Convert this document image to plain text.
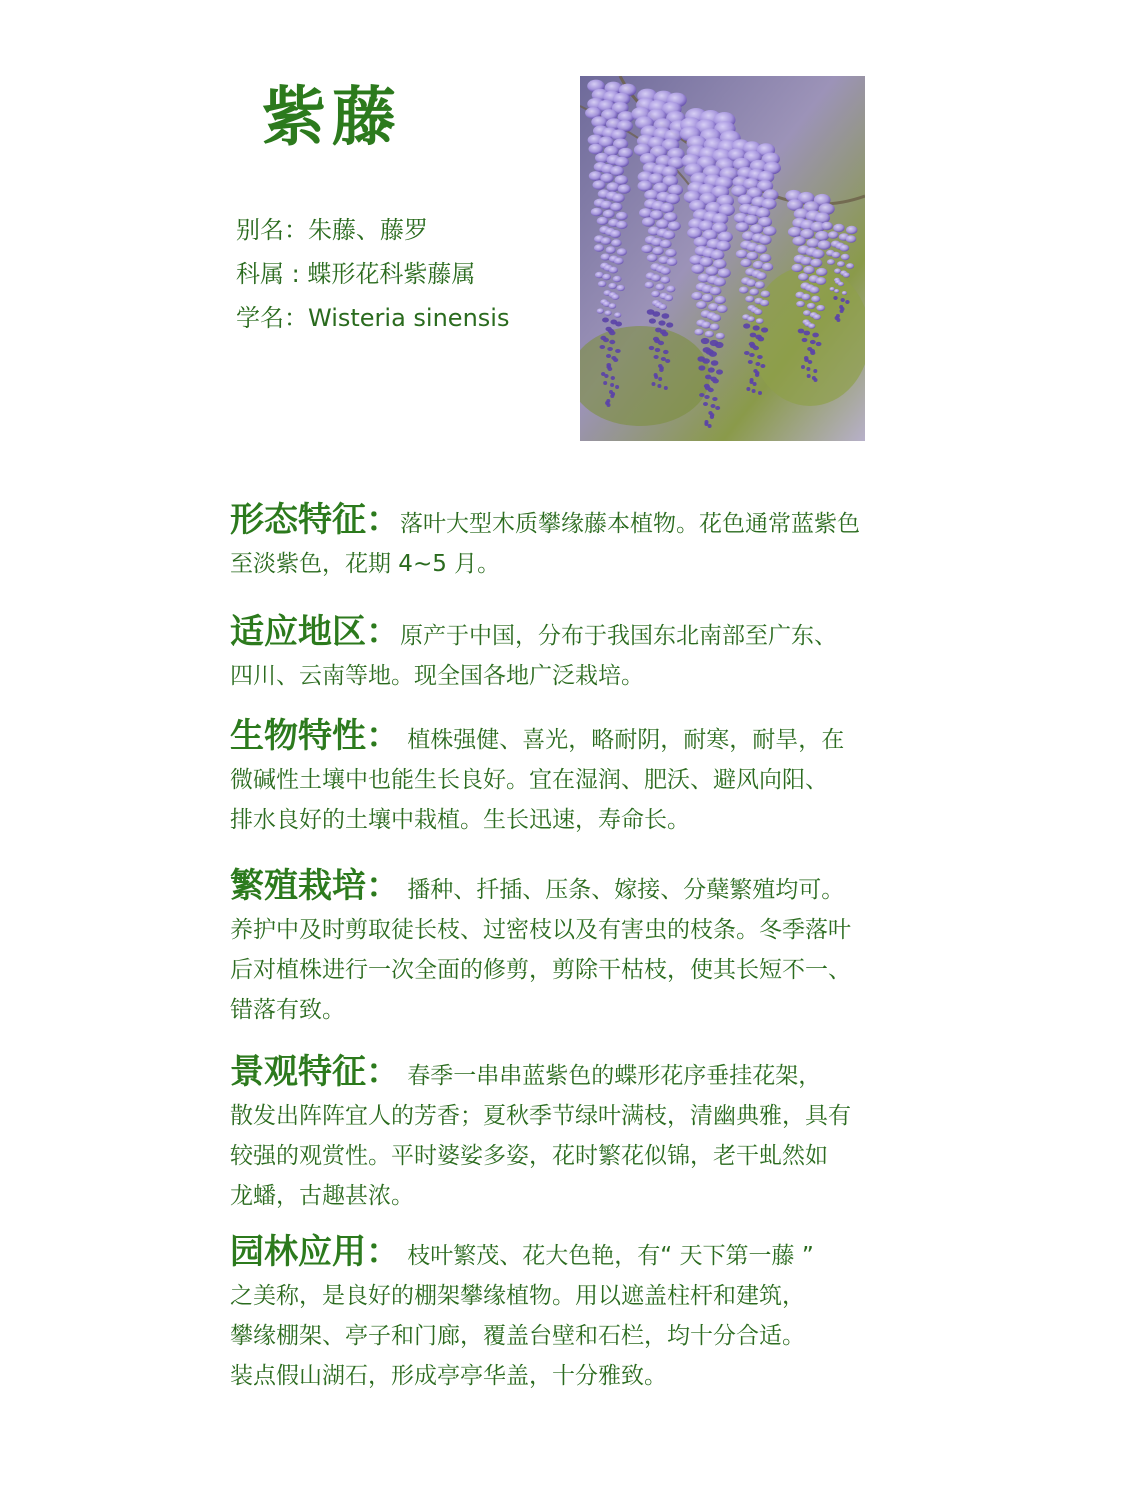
紫藤
别名：朱藤、藤罗
科属 : 蝶形花科紫藤属
学名：Wisteria sinensis
形态特征：落叶大型木质攀缘藤本植物。花色通常蓝紫色
至淡紫色，花期 4~5 月。
适应地区：原产于中国，分布于我国东北南部至广东、
四川、云南等地。现全国各地广泛栽培。
生物特性： 植株强健、喜光，略耐阴，耐寒，耐旱，在
微碱性土壤中也能生长良好。宜在湿润、肥沃、避风向阳、
排水良好的土壤中栽植。生长迅速，寿命长。
繁殖栽培： 播种、扦插、压条、嫁接、分蘖繁殖均可。
养护中及时剪取徒长枝、过密枝以及有害虫的枝条。冬季落叶
后对植株进行一次全面的修剪，剪除干枯枝，使其长短不一、
错落有致。
景观特征： 春季一串串蓝紫色的蝶形花序垂挂花架，
散发出阵阵宜人的芳香；夏秋季节绿叶满枝，清幽典雅，具有
较强的观赏性。平时婆娑多姿，花时繁花似锦，老干虬然如
龙蟠，古趣甚浓。
园林应用： 枝叶繁茂、花大色艳，有“ 天下第一藤 ”
之美称，是良好的棚架攀缘植物。用以遮盖柱杆和建筑，
攀缘棚架、亭子和门廊，覆盖台壁和石栏，均十分合适。
装点假山湖石，形成亭亭华盖，十分雅致。
